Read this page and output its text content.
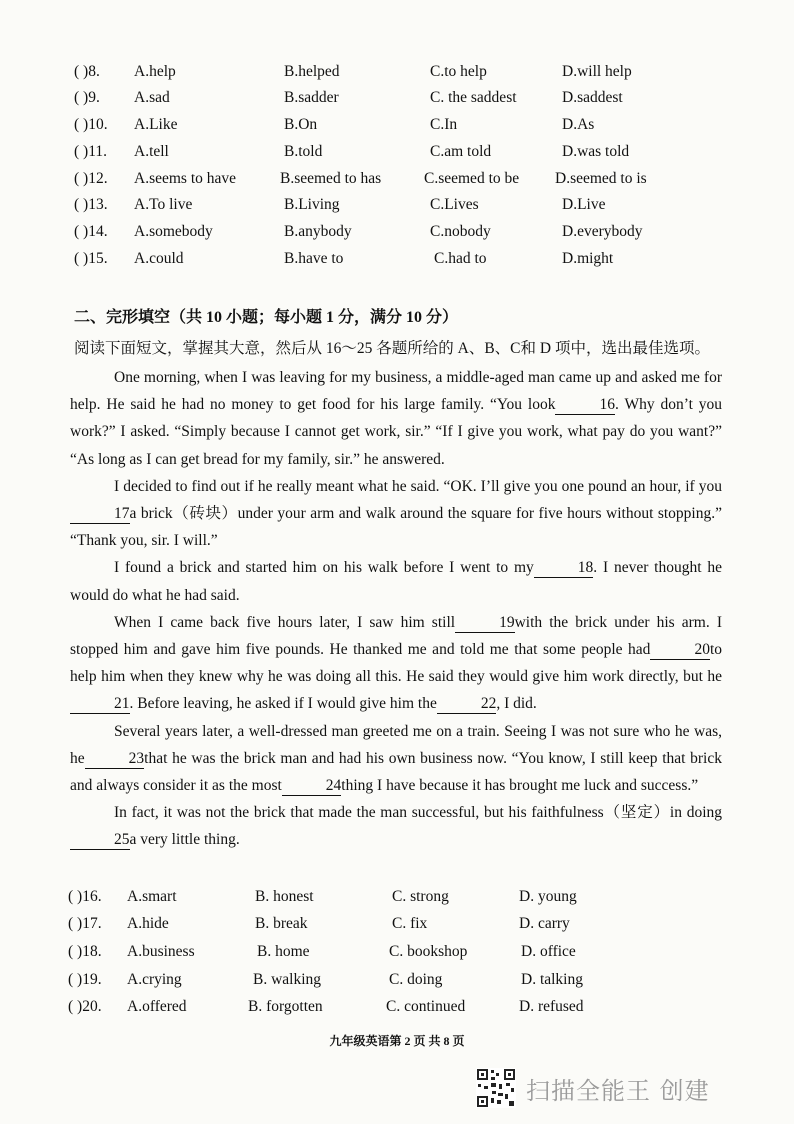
( )8. A.help	B.helped	C.to help	D.will help
( )9. A.sad	B.sadder	C. the saddest	D.saddest
( )10. A.Like	B.On	C.In	D.As
( )11. A.tell	B.told	C.am told	D.was told
( )12. A.seems to have	B.seemed to has	C.seemed to be D.seemed to is
( )13. A.To live	B.Living	C.Lives	D.Live
( )14. A.somebody	B.anybody	C.nobody	D.everybody
( )15. A.could	B.have to	C.had to	D.might
二、完形填空（共 10 小题；每小题 1 分，满分 10 分）
阅读下面短文，掌握其大意，然后从 16～25 各题所给的 A、B、C和 D 项中，选出最佳选项。

One morning, when I was leaving for my business, a middle-aged man came up and asked me for help. He said he had no money to get food for his large family. “You look	16. Why don’t you work?” I asked. “Simply because I cannot get work, sir.” “If I give you work, what pay do you want?” “As long as I can get bread for my family, sir.” he answered.

I decided to find out if he really meant what he said. “OK. I’ll give you one pound an hour, if you17a brick（砖块）under your arm and walk around the square for five hours without stopping.” “Thank you, sir. I will.”

I found a brick and started him on his walk before I went to my	18. I never thought he would do what he had said.

When I came back five hours later, I saw him still	19with the brick under his arm. I stopped him and gave him five pounds. He thanked me and told me that some people had	20to help him when they knew why he was doing all this. He said they would give him work directly, but he21. Before leaving, he asked if I would give him the	22, I did.

Several years later, a well-dressed man greeted me on a train. Seeing I was not sure who he was, he	23that he was the brick man and had his own business now. “You know, I still keep that brick and always consider it as the most	24thing I have because it has brought me luck and success.”

In fact, it was not the brick that made the man successful, but his faithfulness（坚定）in doing 25a very little thing.

( )16. A.smart	B. honest	C. strong	D. young
( )17. A.hide	B. break	C. fix	D. carry
( )18. A.business	B. home	C. bookshop	D. office
( )19. A.crying	B. walking	C. doing	D. talking
( )20. A.offered	B. forgotten	C. continued	D. refused
九年级英语第 2 页 共 8 页
扫描全能王 创建
